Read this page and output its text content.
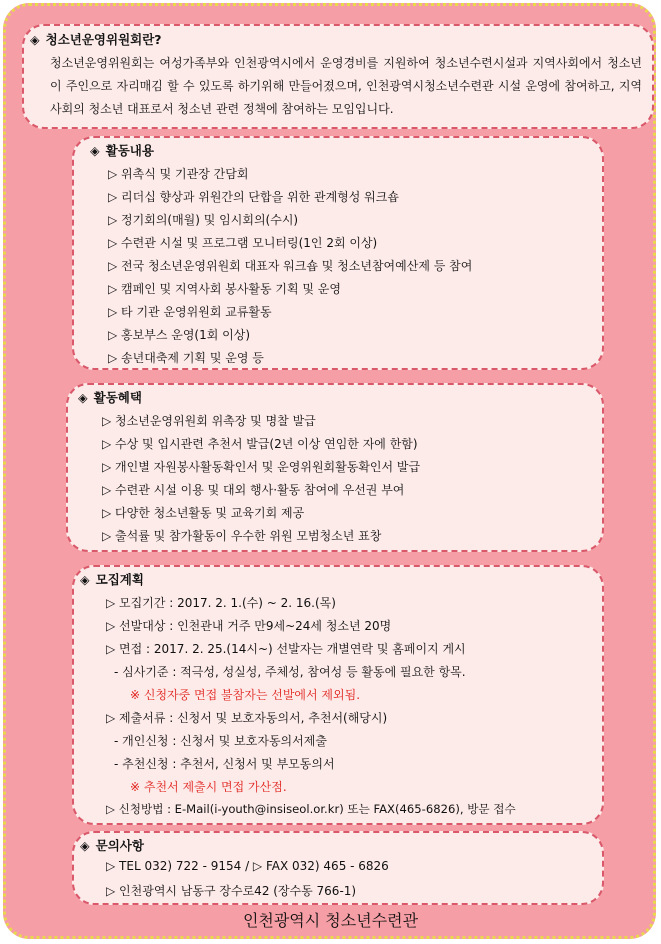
◈ 청소년운영위원회란?
청소년운영위원회는 여성가족부와 인천광역시에서 운영경비를 지원하여 청소년수련시설과 지역사회에서 청소년이 주인으로 자리매김 할 수 있도록 하기위해 만들어졌으며, 인천광역시청소년수련관 시설 운영에 참여하고, 지역 사회의 청소년 대표로서 청소년 관련 정책에 참여하는 모임입니다.
◈ 활동내용
▷ 위촉식 및 기관장 간담회
▷ 리더십 향상과 위원간의 단합을 위한 관계형성 워크숍
▷ 정기회의(매월) 및 임시회의(수시)
▷ 수련관 시설 및 프로그램 모니터링(1인 2회 이상)
▷ 전국 청소년운영위원회 대표자 워크숍 및 청소년참여예산제 등 참여
▷ 캠페인 및 지역사회 봉사활동 기획 및 운영
▷ 타 기관 운영위원회 교류활동
▷ 홍보부스 운영(1회 이상)
▷ 송년대축제 기획 및 운영 등
◈ 활동혜택
▷ 청소년운영위원회 위촉장 및 명찰 발급
▷ 수상 및 입시관련 추천서 발급(2년 이상 연임한 자에 한함)
▷ 개인별 자원봉사활동확인서 및 운영위원회활동확인서 발급
▷ 수련관 시설 이용 및 대외 행사·활동 참여에 우선권 부여
▷ 다양한 청소년활동 및 교육기회 제공
▷ 출석률 및 참가활동이 우수한 위원 모범청소년 표창
◈ 모집계획
▷ 모집기간 : 2017. 2. 1.(수) ~ 2. 16.(목)
▷ 선발대상 : 인천관내 거주 만9세~24세 청소년 20명
▷ 면접 : 2017. 2. 25.(14시~) 선발자는 개별연락 및 홈페이지 게시
- 심사기준 : 적극성, 성실성, 주체성, 참여성 등 활동에 필요한 항목.
※ 신청자중 면접 불참자는 선발에서 제외됨.
▷ 제출서류 : 신청서 및 보호자동의서, 추천서(해당시)
- 개인신청 : 신청서 및 보호자동의서제출
- 추천신청 : 추천서, 신청서 및 부모동의서
※ 추천서 제출시 면접 가산점.
▷ 신청방법 : E-Mail(i-youth@insiseol.or.kr) 또는 FAX(465-6826), 방문 접수
◈ 문의사항
▷ TEL 032) 722 - 9154 / ▷ FAX 032) 465 - 6826
▷ 인천광역시 남동구 장수로42 (장수동 766-1)
인천광역시 청소년수련관
